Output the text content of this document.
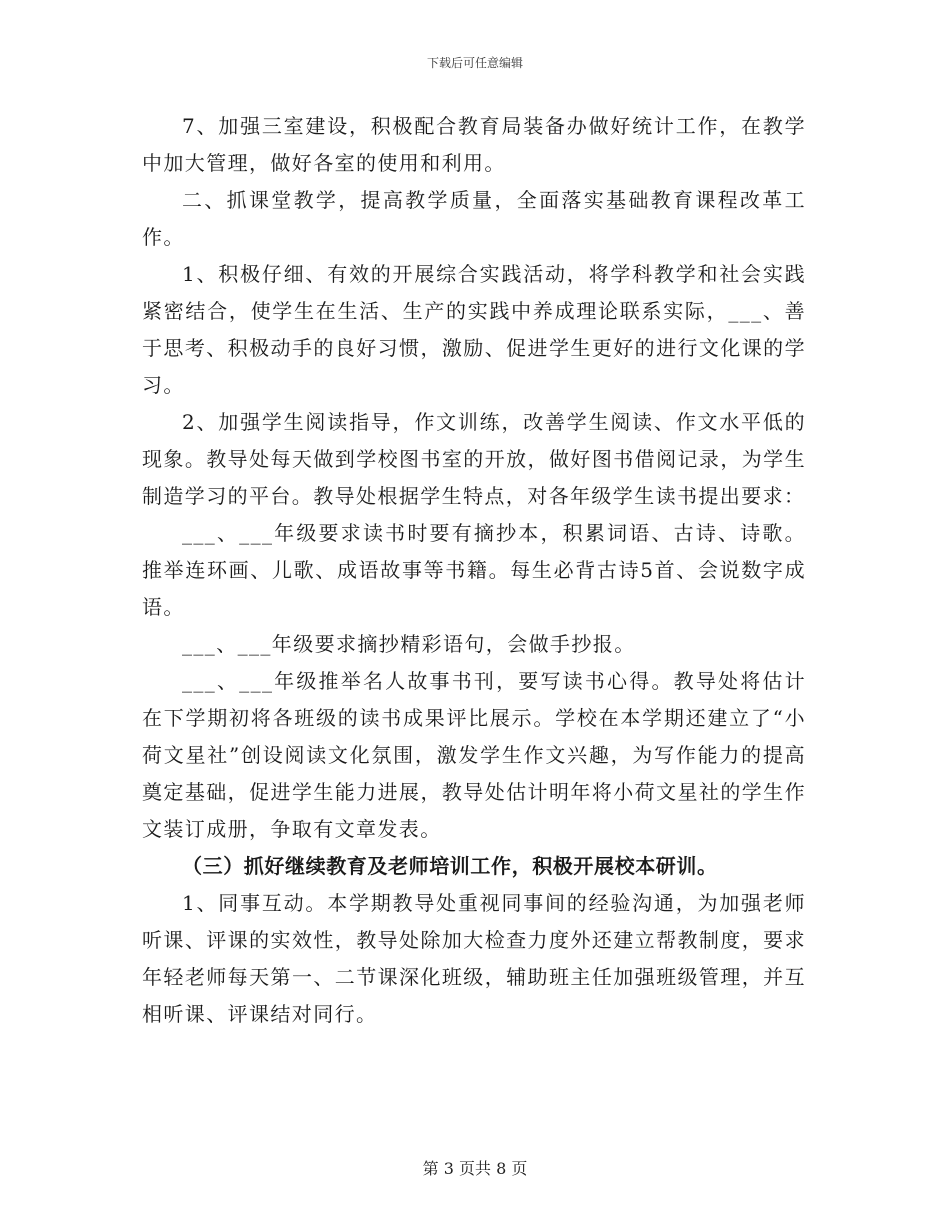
下载后可任意编辑

7、加强三室建设，积极配合教育局装备办做好统计工作，在教学中加大管理，做好各室的使用和利用。

二、抓课堂教学，提高教学质量，全面落实基础教育课程改革工作。

1、积极仔细、有效的开展综合实践活动，将学科教学和社会实践紧密结合，使学生在生活、生产的实践中养成理论联系实际，___、善于思考、积极动手的良好习惯，激励、促进学生更好的进行文化课的学习。

2、加强学生阅读指导，作文训练，改善学生阅读、作文水平低的现象。教导处每天做到学校图书室的开放，做好图书借阅记录，为学生制造学习的平台。教导处根据学生特点，对各年级学生读书提出要求：

___、___年级要求读书时要有摘抄本，积累词语、古诗、诗歌。推举连环画、儿歌、成语故事等书籍。每生必背古诗5首、会说数字成语。

___、___年级要求摘抄精彩语句，会做手抄报。

___、___年级推举名人故事书刊，要写读书心得。教导处将估计在下学期初将各班级的读书成果评比展示。学校在本学期还建立了“小荷文星社”创设阅读文化氛围，激发学生作文兴趣，为写作能力的提高奠定基础，促进学生能力进展，教导处估计明年将小荷文星社的学生作文装订成册，争取有文章发表。

（三）抓好继续教育及老师培训工作，积极开展校本研训。

1、同事互动。本学期教导处重视同事间的经验沟通，为加强老师听课、评课的实效性，教导处除加大检查力度外还建立帮教制度，要求年轻老师每天第一、二节课深化班级，辅助班主任加强班级管理，并互相听课、评课结对同行。

第 3 页共 8 页
